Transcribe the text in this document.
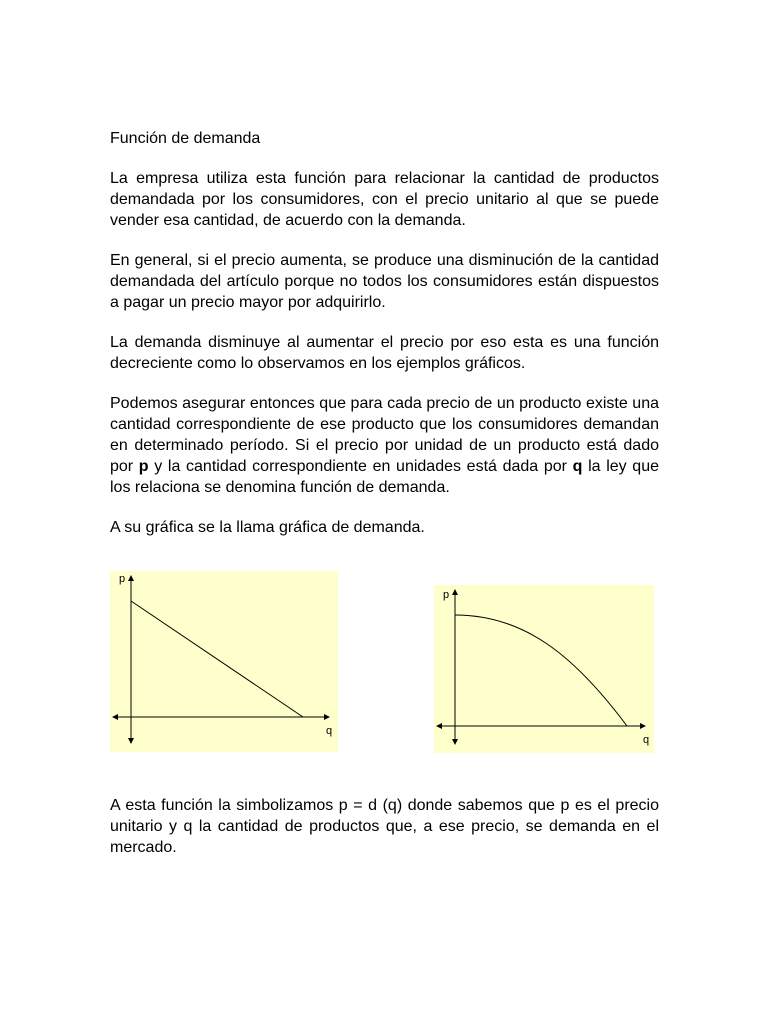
Función de demanda

La empresa utiliza esta función para relacionar la cantidad de productos demandada por los consumidores, con el precio unitario al que se puede vender esa cantidad, de acuerdo con la demanda.

En general, si el precio aumenta, se produce una disminución de la cantidad demandada del artículo porque no todos los consumidores están dispuestos a pagar un precio mayor por adquirirlo.

La demanda disminuye al aumentar el precio por eso esta es una función decreciente como lo observamos en los ejemplos gráficos.

Podemos asegurar entonces que para cada precio de un producto existe una cantidad correspondiente de ese producto que los consumidores demandan en determinado período. Si el precio por unidad de un producto está dado por p y la cantidad correspondiente en unidades está dada por q la ley que los relaciona se denomina función de demanda.

A su gráfica se la llama gráfica de demanda.

p
q
p
q

A esta función la simbolizamos p = d (q) donde sabemos que p es el precio unitario y q la cantidad de productos que, a ese precio, se demanda en el mercado.
